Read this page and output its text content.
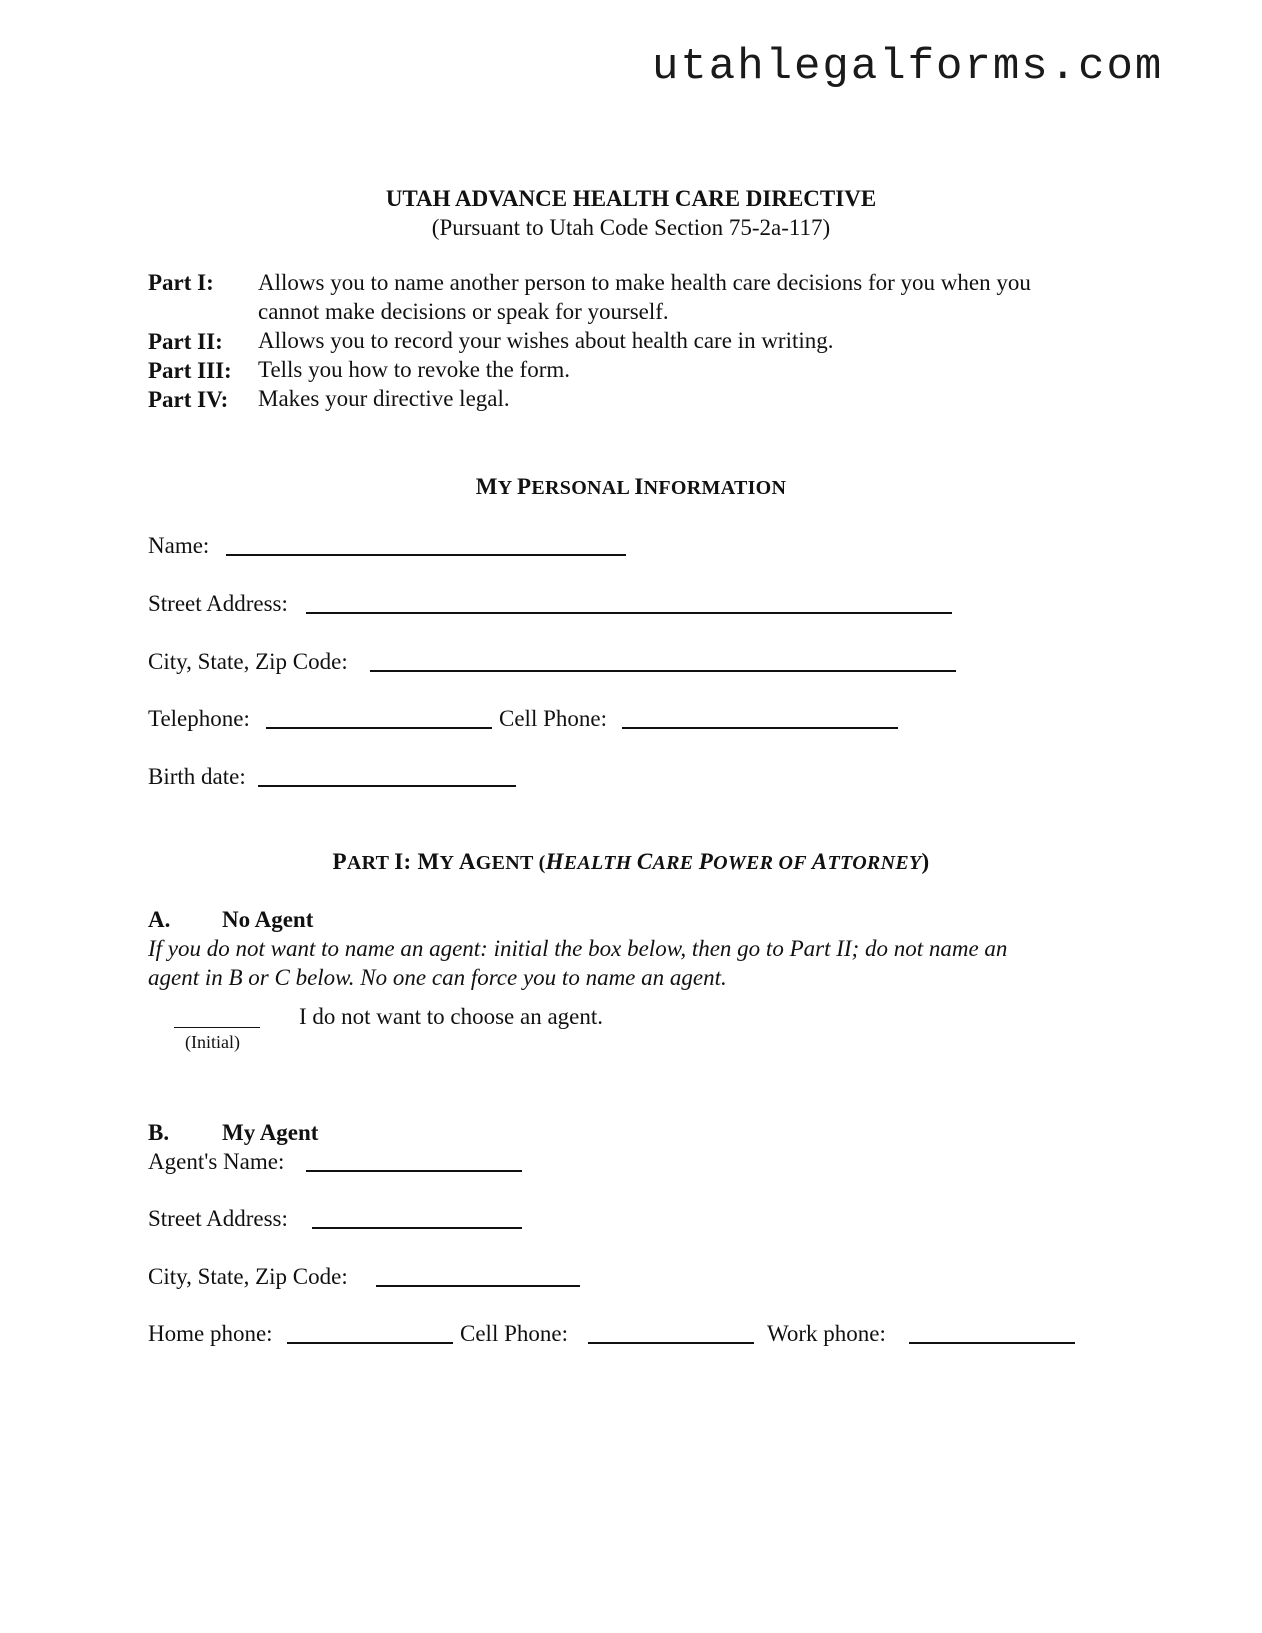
utahlegalforms.com
UTAH ADVANCE HEALTH CARE DIRECTIVE
(Pursuant to Utah Code Section 75-2a-117)
Part I: Allows you to name another person to make health care decisions for you when you
cannot make decisions or speak for yourself.
Part II: Allows you to record your wishes about health care in writing.
Part III: Tells you how to revoke the form.
Part IV: Makes your directive legal.
MY PERSONAL INFORMATION
Name:
Street Address:
City, State, Zip Code:
Telephone:	Cell Phone:
Birth date:
PART I: MY AGENT (HEALTH CARE POWER OF ATTORNEY)
A. No Agent
If you do not want to name an agent: initial the box below, then go to Part II; do not name an
agent in B or C below. No one can force you to name an agent.
(Initial)
I do not want to choose an agent.
B. My Agent
Agent's Name:
Street Address:
City, State, Zip Code:
Home phone:	Cell Phone:	Work phone:
